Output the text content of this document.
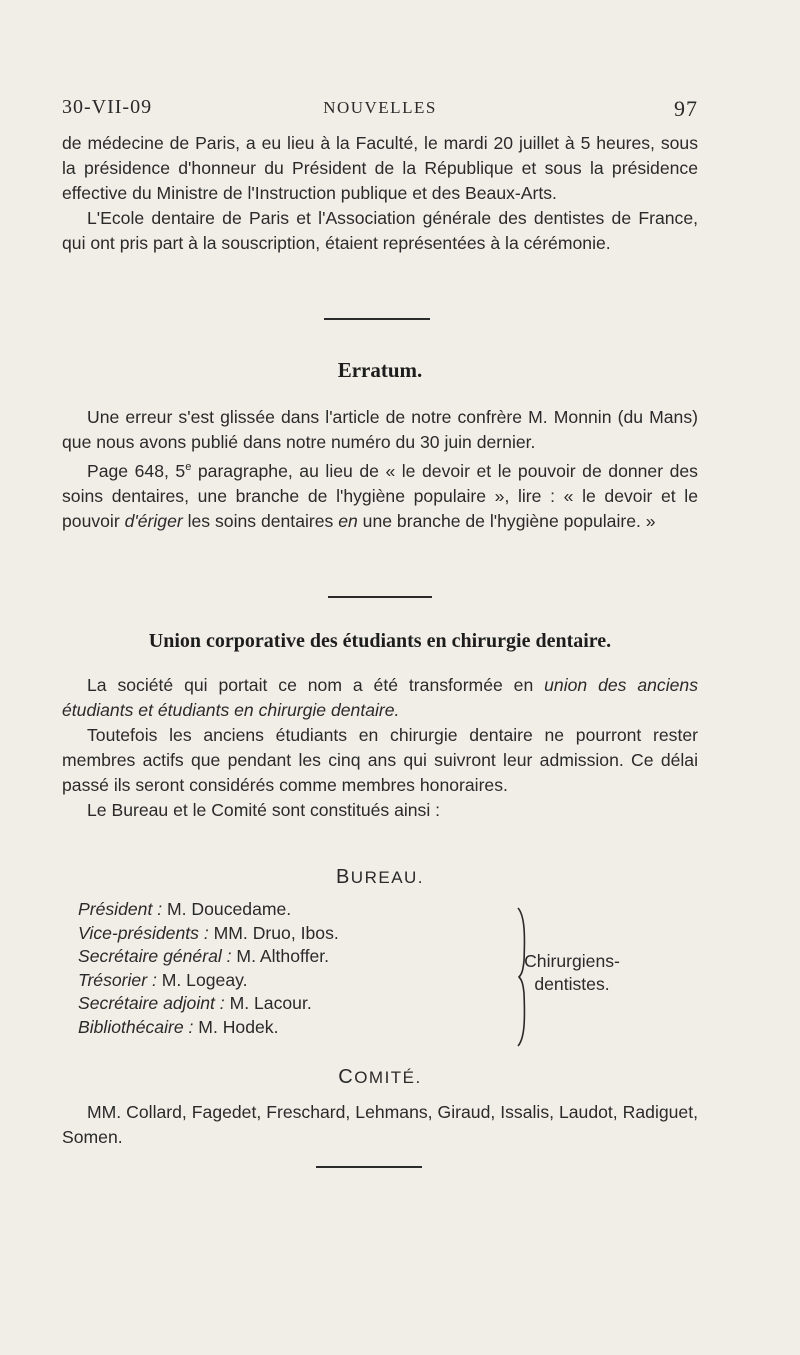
30-VII-09	NOUVELLES	97

de médecine de Paris, a eu lieu à la Faculté, le mardi 20 juillet à 5 heures, sous la présidence d'honneur du Président de la République et sous la présidence effective du Ministre de l'Instruction publique et des Beaux-Arts.

L'Ecole dentaire de Paris et l'Association générale des dentistes de France, qui ont pris part à la souscription, étaient représentées à la cérémonie.

Erratum.

Une erreur s'est glissée dans l'article de notre confrère M. Monnin (du Mans) que nous avons publié dans notre numéro du 30 juin dernier.

Page 648, 5e paragraphe, au lieu de « le devoir et le pouvoir de donner des soins dentaires, une branche de l'hygiène populaire », lire : « le devoir et le pouvoir d'ériger les soins dentaires en une branche de l'hygiène populaire. »

Union corporative des étudiants en chirurgie dentaire.

La société qui portait ce nom a été transformée en union des anciens étudiants et étudiants en chirurgie dentaire.

Toutefois les anciens étudiants en chirurgie dentaire ne pourront rester membres actifs que pendant les cinq ans qui suivront leur admission. Ce délai passé ils seront considérés comme membres honoraires.

Le Bureau et le Comité sont constitués ainsi :

BUREAU.
Président : M. Doucedame.
Vice-présidents : MM. Druo, Ibos.
Secrétaire général : M. Althoffer.
Trésorier : M. Logeay.
Secrétaire adjoint : M. Lacour.
Bibliothécaire : M. Hodek.
Chirurgiens-
dentistes.
COMITÉ.

MM. Collard, Fagedet, Freschard, Lehmans, Giraud, Issalis, Laudot, Radiguet, Somen.
